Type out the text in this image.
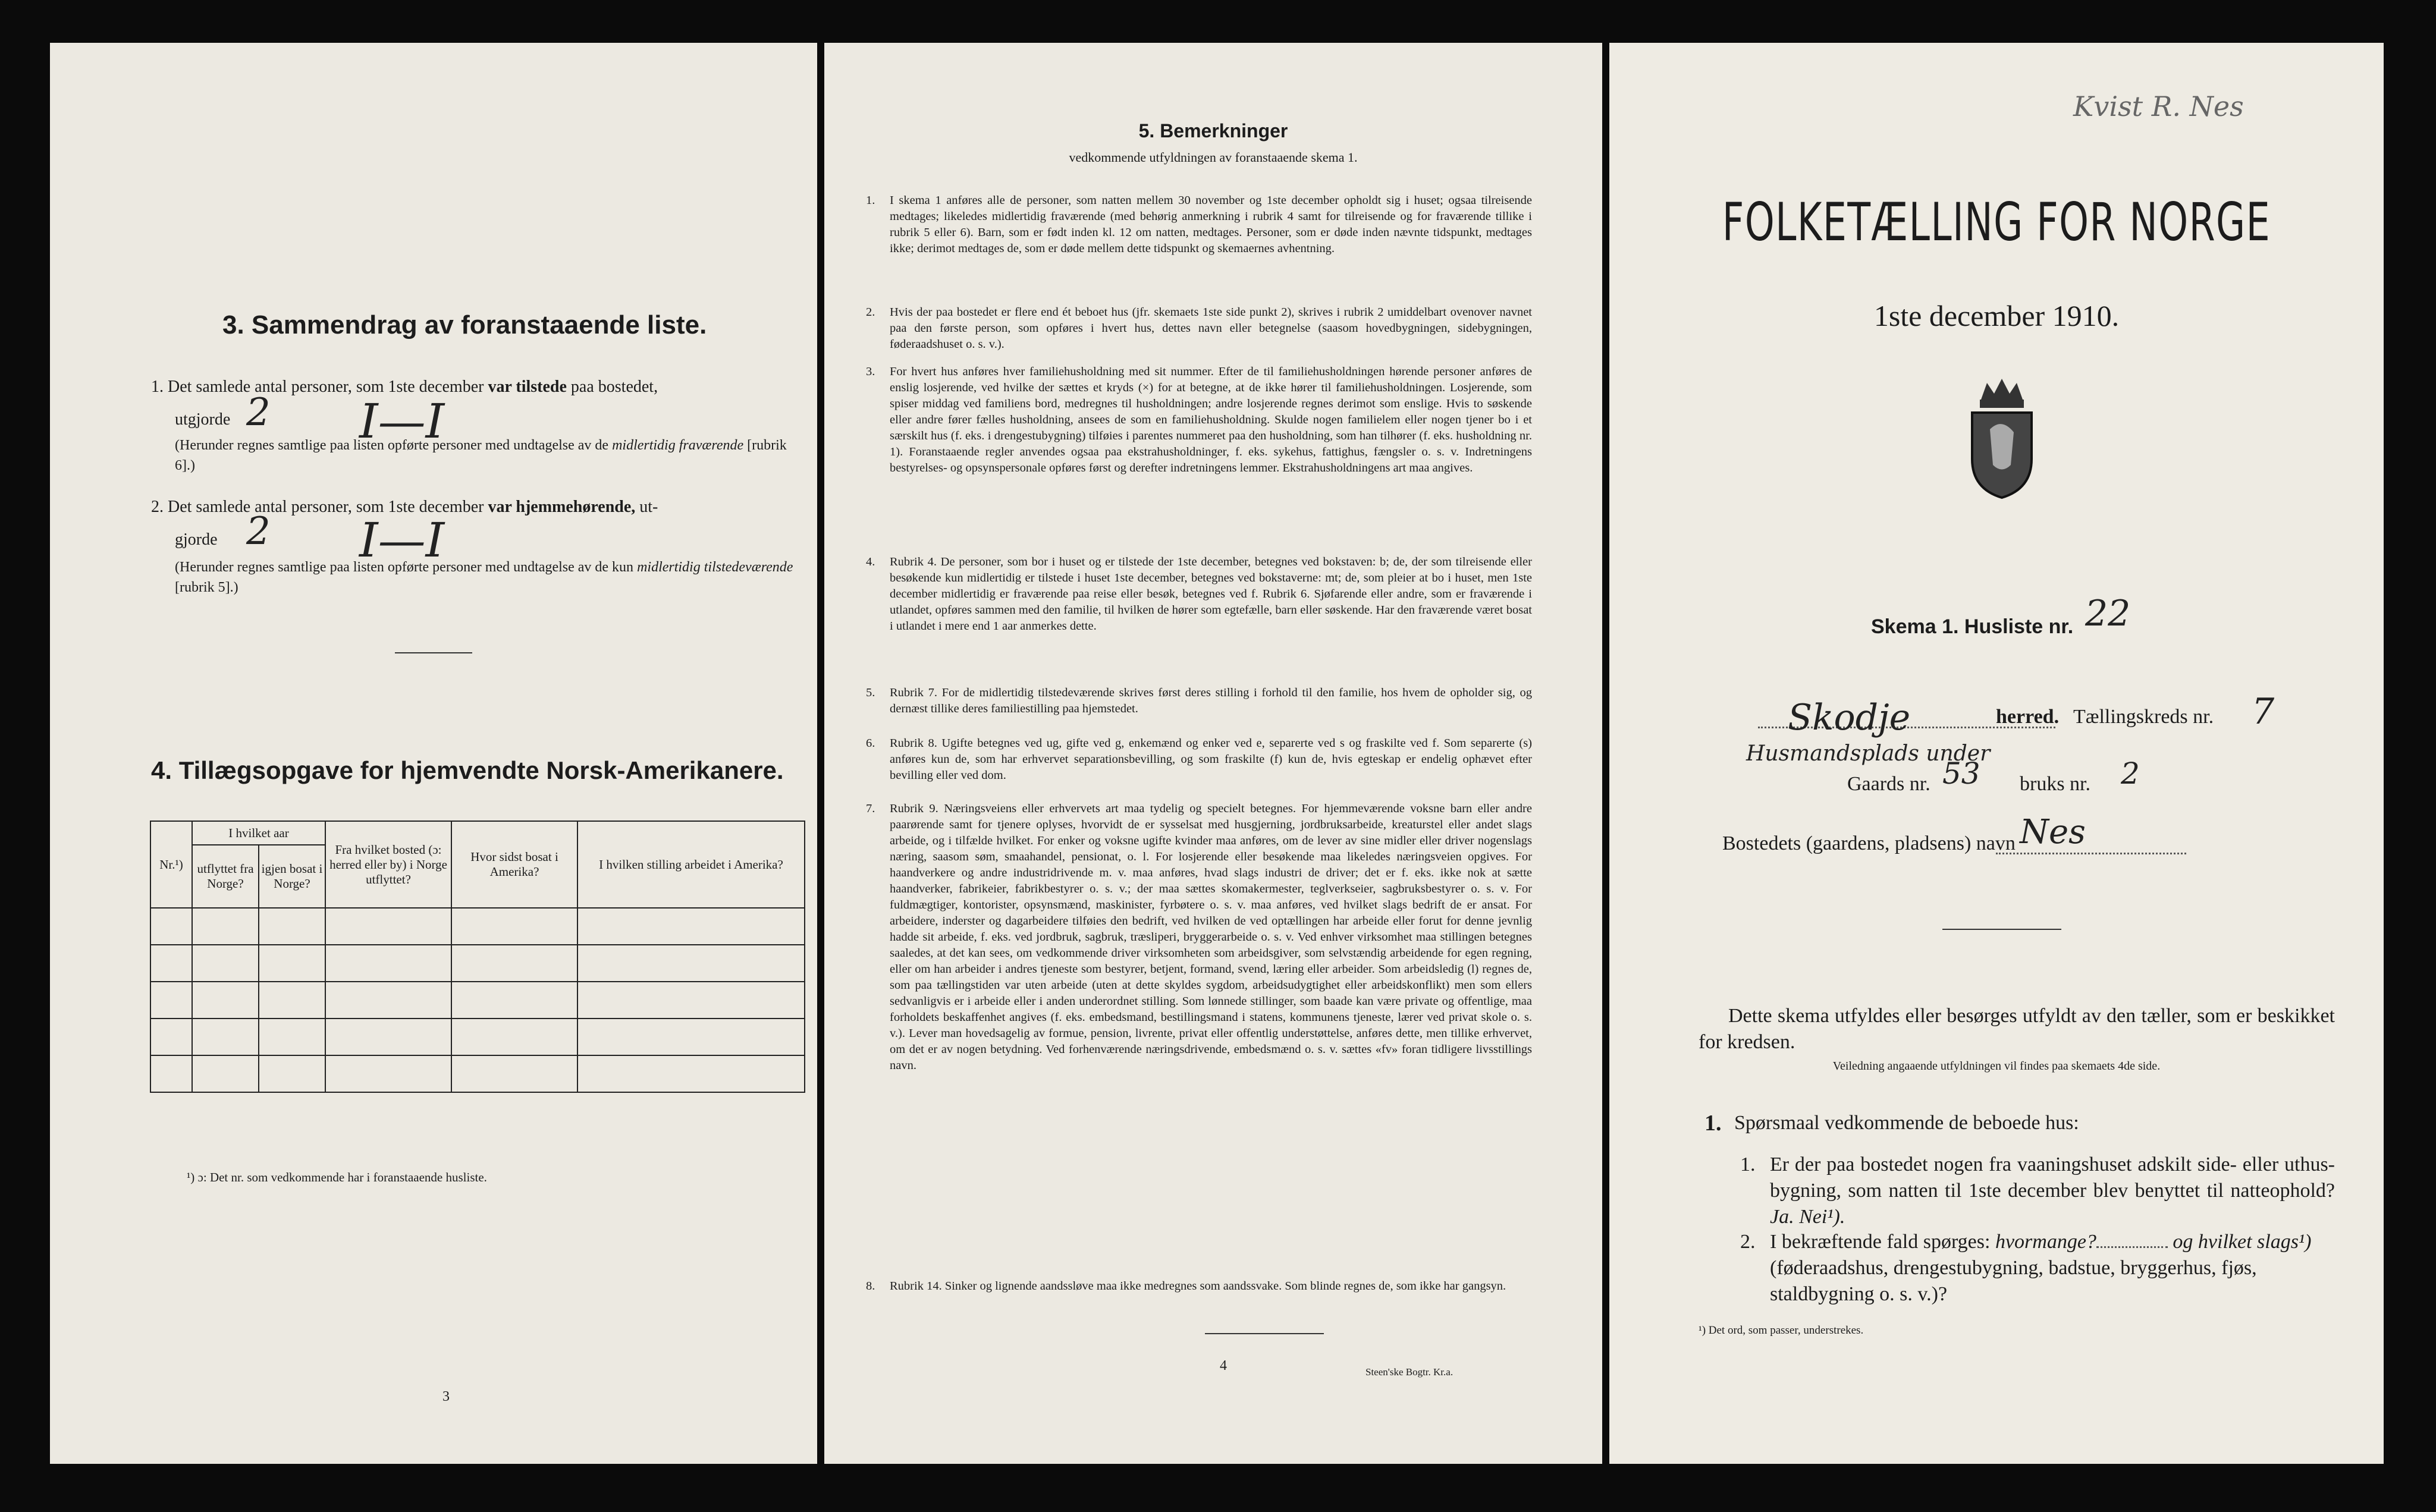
3. Sammendrag av foranstaaende liste.
1. Det samlede antal personer, som 1ste december var tilstede paa bostedet,
utgjorde 2 I—I
(Herunder regnes samtlige paa listen opførte personer med undtagelse av de midlertidig fraværende [rubrik 6].)
2. Det samlede antal personer, som 1ste december var hjemmehørende, ut-
gjorde 2 I—I
(Herunder regnes samtlige paa listen opførte personer med undtagelse av de kun midlertidig tilstedeværende [rubrik 5].)
4. Tillægsopgave for hjemvendte Norsk-Amerikanere.
Nr.¹)	I hvilket aar		Fra hvilket bosted (ɔ: herred eller by) i Norge utflyttet?	Hvor sidst bosat i Amerika?	I hvilken stilling arbeidet i Amerika?
	utflyttet fra Norge?	igjen bosat i Norge?			

¹) ɔ: Det nr. som vedkommende har i foranstaaende husliste.
3
5. Bemerkninger
vedkommende utfyldningen av foranstaaende skema 1.
1. I skema 1 anføres alle de personer, som natten mellem 30 november og 1ste december opholdt sig i huset; ogsaa tilreisende medtages; likeledes midlertidig fraværende (med behørig anmerkning i rubrik 4 samt for tilreisende og for fraværende tillike i rubrik 5 eller 6). Barn, som er født inden kl. 12 om natten, medtages. Personer, som er døde inden nævnte tidspunkt, medtages ikke; derimot medtages de, som er døde mellem dette tidspunkt og skemaernes avhentning.
2. Hvis der paa bostedet er flere end ét beboet hus (jfr. skemaets 1ste side punkt 2), skrives i rubrik 2 umiddelbart ovenover navnet paa den første person, som opføres i hvert hus, dettes navn eller betegnelse (saasom hovedbygningen, sidebygningen, føderaadshuset o. s. v.).
3. For hvert hus anføres hver familiehusholdning med sit nummer. Efter de til familiehusholdningen hørende personer anføres de enslig losjerende, ved hvilke der sættes et kryds (×) for at betegne, at de ikke hører til familiehusholdningen. Losjerende, som spiser middag ved familiens bord, medregnes til husholdningen; andre losjerende regnes derimot som enslige. Hvis to søskende eller andre fører fælles husholdning, ansees de som en familiehusholdning. Skulde nogen familielem eller nogen tjener bo i et særskilt hus (f. eks. i drengestubygning) tilføies i parentes nummeret paa den husholdning, som han tilhører (f. eks. husholdning nr. 1). Foranstaaende regler anvendes ogsaa paa ekstrahusholdninger, f. eks. sykehus, fattighus, fængsler o. s. v. Indretningens bestyrelses- og opsynspersonale opføres først og derefter indretningens lemmer. Ekstrahusholdningens art maa angives.
4. Rubrik 4. De personer, som bor i huset og er tilstede der 1ste december, betegnes ved bokstaven: b; de, der som tilreisende eller besøkende kun midlertidig er tilstede i huset 1ste december, betegnes ved bokstaverne: mt; de, som pleier at bo i huset, men 1ste december midlertidig er fraværende paa reise eller besøk, betegnes ved f. Rubrik 6. Sjøfarende eller andre, som er fraværende i utlandet, opføres sammen med den familie, til hvilken de hører som egtefælle, barn eller søskende. Har den fraværende været bosat i utlandet i mere end 1 aar anmerkes dette.
5. Rubrik 7. For de midlertidig tilstedeværende skrives først deres stilling i forhold til den familie, hos hvem de opholder sig, og dernæst tillike deres familiestilling paa hjemstedet.
6. Rubrik 8. Ugifte betegnes ved ug, gifte ved g, enkemænd og enker ved e, separerte ved s og fraskilte ved f. Som separerte (s) anføres kun de, som har erhvervet separationsbevilling, og som fraskilte (f) kun de, hvis egteskap er endelig ophævet efter bevilling eller ved dom.
7. Rubrik 9. Næringsveiens eller erhvervets art maa tydelig og specielt betegnes. For hjemmeværende voksne barn eller andre paarørende samt for tjenere oplyses, hvorvidt de er sysselsat med husgjerning, jordbruksarbeide, kreaturstel eller andet slags arbeide, og i tilfælde hvilket. For enker og voksne ugifte kvinder maa anføres, om de lever av sine midler eller driver nogenslags næring, saasom søm, smaahandel, pensionat, o. l. For losjerende eller besøkende maa likeledes næringsveien opgives. For haandverkere og andre industridrivende m. v. maa anføres, hvad slags industri de driver; det er f. eks. ikke nok at sætte haandverker, fabrikeier, fabrikbestyrer o. s. v.; der maa sættes skomakermester, teglverkseier, sagbruksbestyrer o. s. v. For fuldmægtiger, kontorister, opsynsmænd, maskinister, fyrbøtere o. s. v. maa anføres, ved hvilket slags bedrift de er ansat. For arbeidere, inderster og dagarbeidere tilføies den bedrift, ved hvilken de ved optællingen har arbeide eller forut for denne jevnlig hadde sit arbeide, f. eks. ved jordbruk, sagbruk, træsliperi, bryggerarbeide o. s. v. Ved enhver virksomhet maa stillingen betegnes saaledes, at det kan sees, om vedkommende driver virksomheten som arbeidsgiver, som selvstændig arbeidende for egen regning, eller om han arbeider i andres tjeneste som bestyrer, betjent, formand, svend, læring eller arbeider. Som arbeidsledig (l) regnes de, som paa tællingstiden var uten arbeide (uten at dette skyldes sygdom, arbeidsudygtighet eller arbeidskonflikt) men som ellers sedvanligvis er i arbeide eller i anden underordnet stilling. Som lønnede stillinger, som baade kan være private og offentlige, maa forholdets beskaffenhet angives (f. eks. embedsmand, bestillingsmand i statens, kommunens tjeneste, lærer ved privat skole o. s. v.). Lever man hovedsagelig av formue, pension, livrente, privat eller offentlig understøttelse, anføres dette, men tillike erhvervet, om det er av nogen betydning. Ved forhenværende næringsdrivende, embedsmænd o. s. v. sættes «fv» foran tidligere livsstillings navn.
8. Rubrik 14. Sinker og lignende aandssløve maa ikke medregnes som aandssvake. Som blinde regnes de, som ikke har gangsyn.
4	Steen'ske Bogtr. Kr.a.
Kvist R. Nes
FOLKETÆLLING FOR NORGE
1ste december 1910.
Skema 1. Husliste nr. 22
Skodje	herred. Tællingskreds nr. 7
Husmandsplads under
Gaards nr. 53 bruks nr. 2
Bostedets (gaardens, pladsens) navn Nes
Dette skema utfyldes eller besørges utfyldt av den tæller, som er beskikket for kredsen.
Veiledning angaaende utfyldningen vil findes paa skemaets 4de side.
1. Spørsmaal vedkommende de beboede hus:
1. Er der paa bostedet nogen fra vaaningshuset adskilt side- eller uthus-bygning, som natten til 1ste december blev benyttet til natteophold? Ja. Nei¹).
2. I bekræftende fald spørges: hvormange?	og hvilket slags¹) (føderaadshus, drengestubygning, badstue, bryggerhus, fjøs, staldbygning o. s. v.)?
¹) Det ord, som passer, understrekes.
